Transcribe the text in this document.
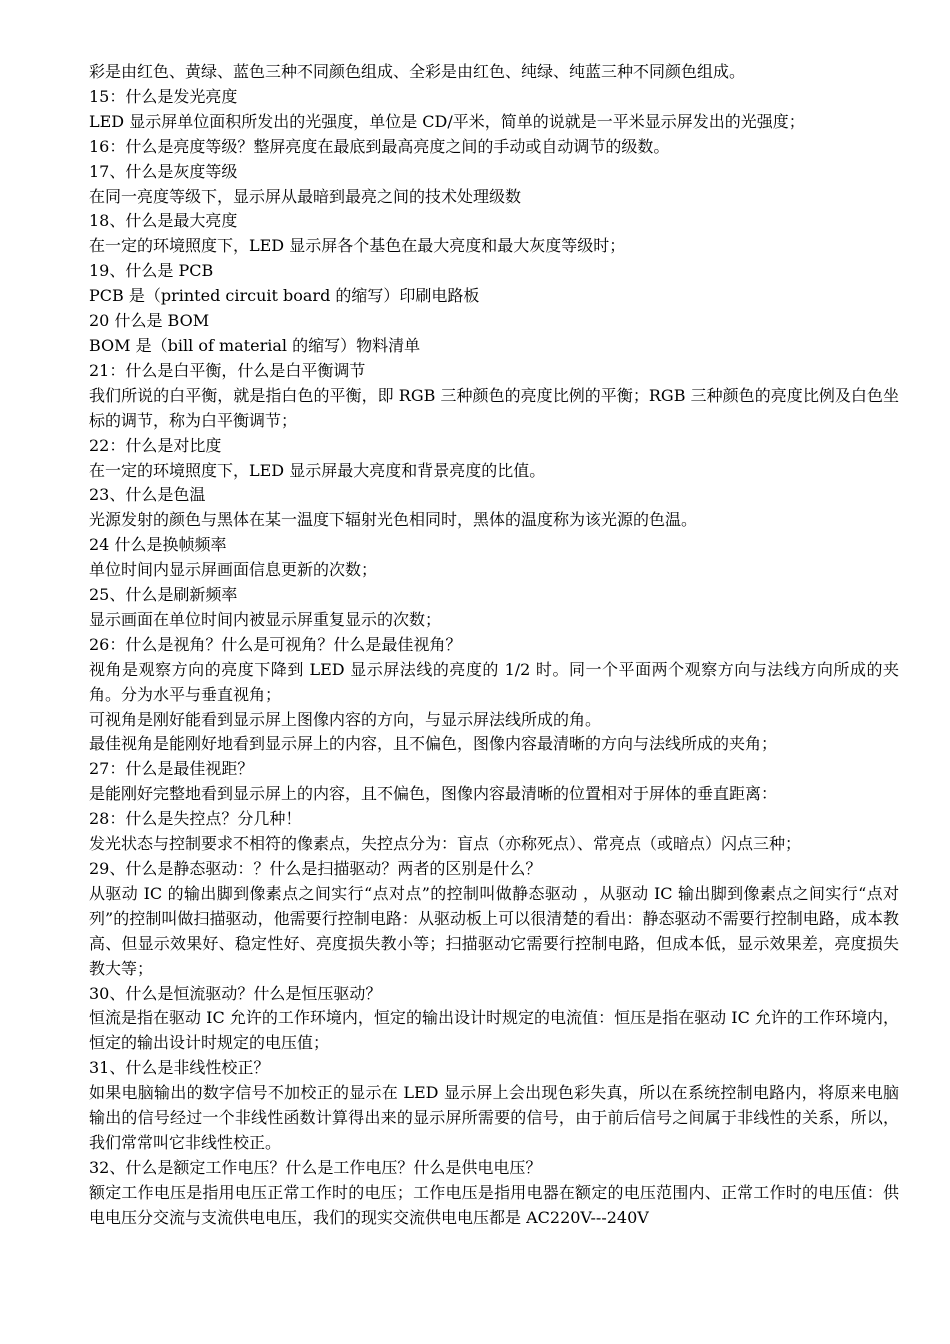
彩是由红色、黄绿、蓝色三种不同颜色组成、全彩是由红色、纯绿、纯蓝三种不同颜色组成。

15：什么是发光亮度

LED 显示屏单位面积所发出的光强度，单位是 CD/平米，简单的说就是一平米显示屏发出的光强度；

16：什么是亮度等级？整屏亮度在最底到最高亮度之间的手动或自动调节的级数。

17、什么是灰度等级

在同一亮度等级下，显示屏从最暗到最亮之间的技术处理级数

18、什么是最大亮度

在一定的环境照度下，LED 显示屏各个基色在最大亮度和最大灰度等级时；

19、什么是 PCB

PCB 是（printed circuit board 的缩写）印刷电路板

20 什么是 BOM

BOM 是（bill of material 的缩写）物料清单

21：什么是白平衡，什么是白平衡调节

我们所说的白平衡，就是指白色的平衡，即 RGB 三种颜色的亮度比例的平衡；RGB 三种颜色的亮度比例及白色坐标的调节，称为白平衡调节；

22：什么是对比度

在一定的环境照度下，LED 显示屏最大亮度和背景亮度的比值。

23、什么是色温

光源发射的颜色与黑体在某一温度下辐射光色相同时，黑体的温度称为该光源的色温。

24 什么是换帧频率

单位时间内显示屏画面信息更新的次数；

25、什么是刷新频率

显示画面在单位时间内被显示屏重复显示的次数；

26：什么是视角？什么是可视角？什么是最佳视角？

视角是观察方向的亮度下降到 LED 显示屏法线的亮度的 1/2 时。同一个平面两个观察方向与法线方向所成的夹角。分为水平与垂直视角；

可视角是刚好能看到显示屏上图像内容的方向，与显示屏法线所成的角。

最佳视角是能刚好地看到显示屏上的内容，且不偏色，图像内容最清晰的方向与法线所成的夹角；

27：什么是最佳视距？

是能刚好完整地看到显示屏上的内容，且不偏色，图像内容最清晰的位置相对于屏体的垂直距离：

28：什么是失控点？分几种！

发光状态与控制要求不相符的像素点，失控点分为：盲点（亦称死点）、常亮点（或暗点）闪点三种；

29、什么是静态驱动：？什么是扫描驱动？两者的区别是什么？

从驱动 IC 的输出脚到像素点之间实行“点对点”的控制叫做静态驱动 ，从驱动 IC 输出脚到像素点之间实行“点对列”的控制叫做扫描驱动，他需要行控制电路：从驱动板上可以很清楚的看出：静态驱动不需要行控制电路，成本教高、但显示效果好、稳定性好、亮度损失教小等；扫描驱动它需要行控制电路，但成本低，显示效果差，亮度损失教大等；

30、什么是恒流驱动？什么是恒压驱动？

恒流是指在驱动 IC 允许的工作环境内，恒定的输出设计时规定的电流值：恒压是指在驱动 IC 允许的工作环境内，恒定的输出设计时规定的电压值；

31、什么是非线性校正？

如果电脑输出的数字信号不加校正的显示在 LED 显示屏上会出现色彩失真，所以在系统控制电路内，将原来电脑输出的信号经过一个非线性函数计算得出来的显示屏所需要的信号，由于前后信号之间属于非线性的关系，所以，我们常常叫它非线性校正。

32、什么是额定工作电压？什么是工作电压？什么是供电电压？

额定工作电压是指用电压正常工作时的电压；工作电压是指用电器在额定的电压范围内、正常工作时的电压值：供电电压分交流与支流供电电压，我们的现实交流供电电压都是 AC220V---240V
